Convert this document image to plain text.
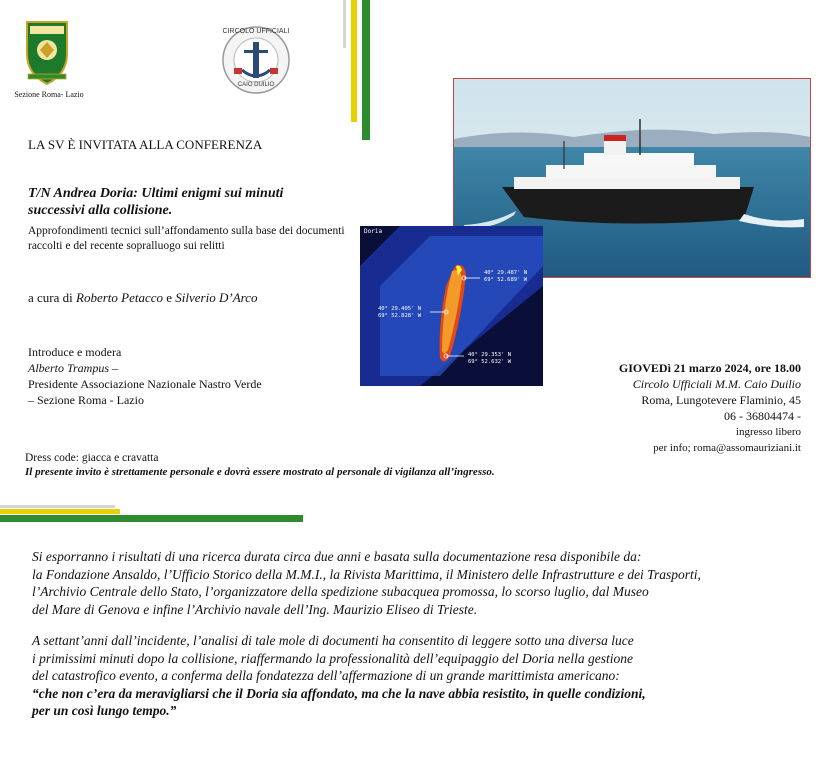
Sezione Roma- Lazio
CIRCOLO UFFICIALI
CAIO DUILIO
LA SV È INVITATA ALLA CONFERENZA
T/N Andrea Doria: Ultimi enigmi sui minuti successivi alla collisione.
Approfondimenti tecnici sull’affondamento sulla base dei documenti raccolti e del recente sopralluogo sui relitti
a cura di Roberto Petacco e Silverio D’Arco
Introduce e modera
Alberto Trampus –
Presidente Associazione Nazionale Nastro Verde
– Sezione Roma - Lazio
GIOVEDì 21 marzo 2024, ore 18.00
Circolo Ufficiali M.M. Caio Duilio
Roma, Lungotevere Flaminio, 45
06 - 36804474 -
ingresso libero
per info; roma@assomauriziani.it
Dress code: giacca e cravatta
Il presente invito è strettamente personale e dovrà essere mostrato al personale di vigilanza all’ingresso.
Doria
40° 29.487' N
69° 52.689' W
40° 29.405' N
69° 52.828' W
40° 29.353' N
69° 52.632' W

Si esporranno i risultati di una ricerca durata circa due anni e basata sulla documentazione resa disponibile da:
la Fondazione Ansaldo, l’Ufficio Storico della M.M.I., la Rivista Marittima, il Ministero delle Infrastrutture e dei Trasporti,
l’Archivio Centrale dello Stato, l’organizzatore della spedizione subacquea promossa, lo scorso luglio, dal Museo
del Mare di Genova e infine l’Archivio navale dell’Ing. Maurizio Eliseo di Trieste.

A settant’anni dall’incidente, l’analisi di tale mole di documenti ha consentito di leggere sotto una diversa luce
i primissimi minuti dopo la collisione, riaffermando la professionalità dell’equipaggio del Doria nella gestione
del catastrofico evento, a conferma della fondatezza dell’affermazione di un grande marittimista americano:
“che non c’era da meravigliarsi che il Doria sia affondato, ma che la nave abbia resistito, in quelle condizioni,
per un così lungo tempo.”
